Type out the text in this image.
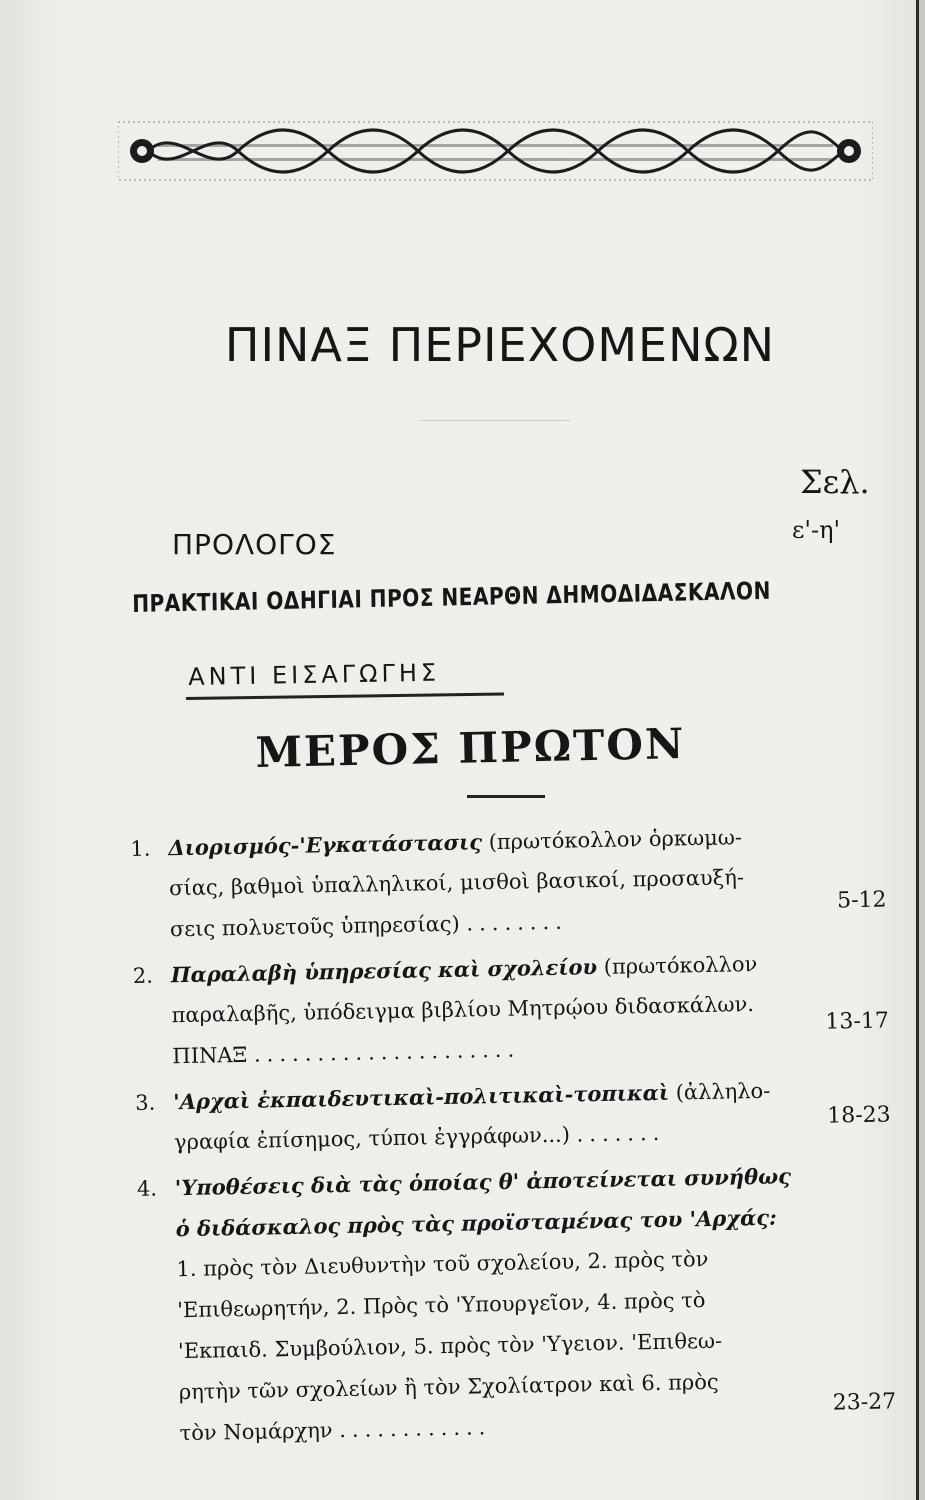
ΠΙΝΑΞ ΠΕΡΙΕΧΟΜΕΝΩΝ
Σελ.
ΠΡΟΛΟΓΟΣ	ε'-η'
ΠΡΑΚΤΙΚΑΙ ΟΔΗΓΙΑΙ ΠΡΟΣ ΝΕΑΡΘΝ ΔΗΜΟΔΙΔΑΣΚΑΛΟΝ
ΑΝΤΙ ΕΙΣΑΓΩΓΗΣ
ΜΕΡΟΣ ΠΡΩΤΟΝ
1. Διορισμός-'Εγκατάστασις (πρωτόκολλον ὁρκωμω-
σίας, βαθμοὶ ὑπαλληλικοί, μισθοὶ βασικοί, προσαυξή-
σεις πολυετοῦς ὑπηρεσίας) ........
5-12
2. Παραλαβὴ ὑπηρεσίας καὶ σχολείου (πρωτόκολλον
παραλαβῆς, ὑπόδειγμα βιβλίου Μητρῴου διδασκάλων.
ΠΙΝΑΞ .....................
13-17
3. 'Αρχαὶ ἐκπαιδευτικαὶ-πολιτικαὶ-τοπικαὶ (ἀλληλο-
γραφία ἐπίσημος, τύποι ἐγγράφων...) .......
18-23
4. 'Υποθέσεις διὰ τὰς ὁποίας θ' ἀποτείνεται συνήθως
ὁ διδάσκαλος πρὸς τὰς προϊσταμένας του 'Αρχάς:
1. πρὸς τὸν Διευθυντὴν τοῦ σχολείου, 2. πρὸς τὸν
'Επιθεωρητήν, 2. Πρὸς τὸ 'Υπουργεῖον, 4. πρὸς τὸ
'Εκπαιδ. Συμβούλιον, 5. πρὸς τὸν 'Υγειον. 'Επιθεω-
ρητὴν τῶν σχολείων ἢ τὸν Σχολίατρον καὶ 6. πρὸς
τὸν Νομάρχην ............
23-27
